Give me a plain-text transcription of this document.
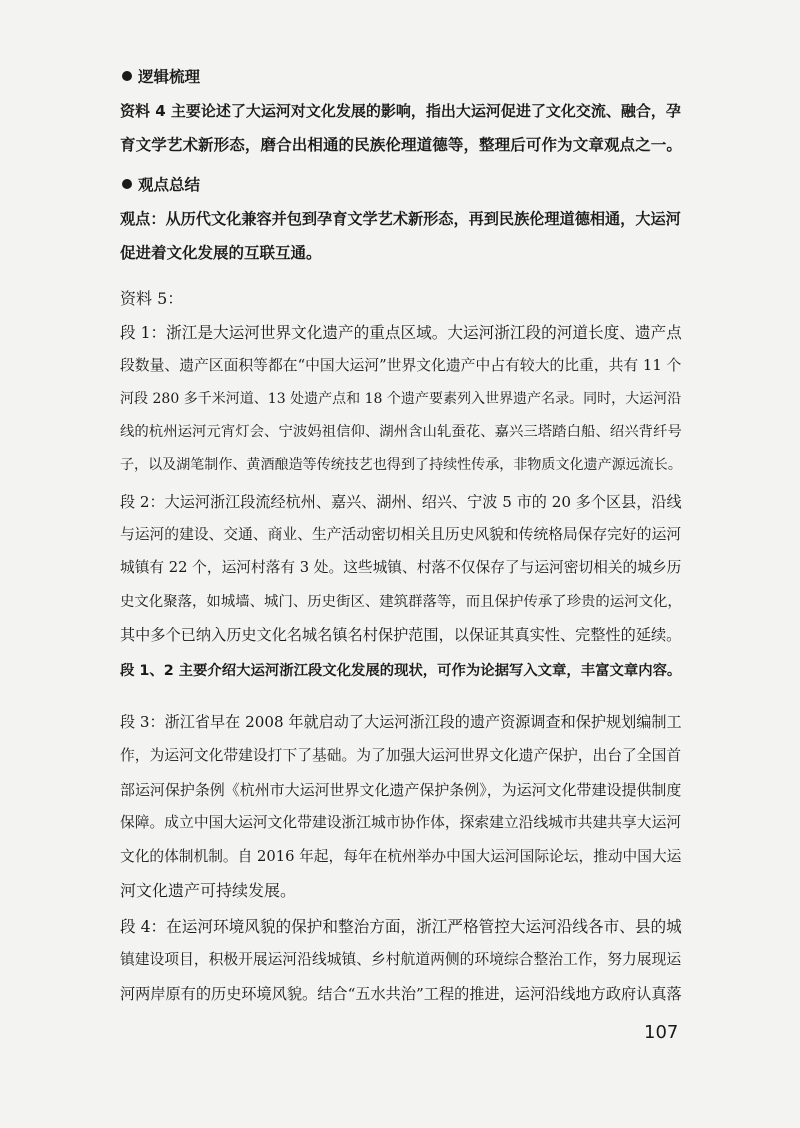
逻辑梳理
资料 4 主要论述了大运河对文化发展的影响，指出大运河促进了文化交流、融合，孕
育文学艺术新形态，磨合出相通的民族伦理道德等，整理后可作为文章观点之一。
观点总结
观点：从历代文化兼容并包到孕育文学艺术新形态，再到民族伦理道德相通，大运河
促进着文化发展的互联互通。
资料 5：
段 1：浙江是大运河世界文化遗产的重点区域。大运河浙江段的河道长度、遗产点
段数量、遗产区面积等都在“中国大运河”世界文化遗产中占有较大的比重，共有 11 个
河段 280 多千米河道、13 处遗产点和 18 个遗产要素列入世界遗产名录。同时，大运河沿
线的杭州运河元宵灯会、宁波妈祖信仰、湖州含山轧蚕花、嘉兴三塔踏白船、绍兴背纤号
子，以及湖笔制作、黄酒酿造等传统技艺也得到了持续性传承，非物质文化遗产源远流长。
段 2：大运河浙江段流经杭州、嘉兴、湖州、绍兴、宁波 5 市的 20 多个区县，沿线
与运河的建设、交通、商业、生产活动密切相关且历史风貌和传统格局保存完好的运河
城镇有 22 个，运河村落有 3 处。这些城镇、村落不仅保存了与运河密切相关的城乡历
史文化聚落，如城墙、城门、历史街区、建筑群落等，而且保护传承了珍贵的运河文化，
其中多个已纳入历史文化名城名镇名村保护范围，以保证其真实性、完整性的延续。
段 1、2 主要介绍大运河浙江段文化发展的现状，可作为论据写入文章，丰富文章内容。
段 3：浙江省早在 2008 年就启动了大运河浙江段的遗产资源调查和保护规划编制工
作，为运河文化带建设打下了基础。为了加强大运河世界文化遗产保护，出台了全国首
部运河保护条例《杭州市大运河世界文化遗产保护条例》，为运河文化带建设提供制度
保障。成立中国大运河文化带建设浙江城市协作体，探索建立沿线城市共建共享大运河
文化的体制机制。自 2016 年起，每年在杭州举办中国大运河国际论坛，推动中国大运
河文化遗产可持续发展。
段 4：在运河环境风貌的保护和整治方面，浙江严格管控大运河沿线各市、县的城
镇建设项目，积极开展运河沿线城镇、乡村航道两侧的环境综合整治工作，努力展现运
河两岸原有的历史环境风貌。结合“五水共治”工程的推进，运河沿线地方政府认真落
107
